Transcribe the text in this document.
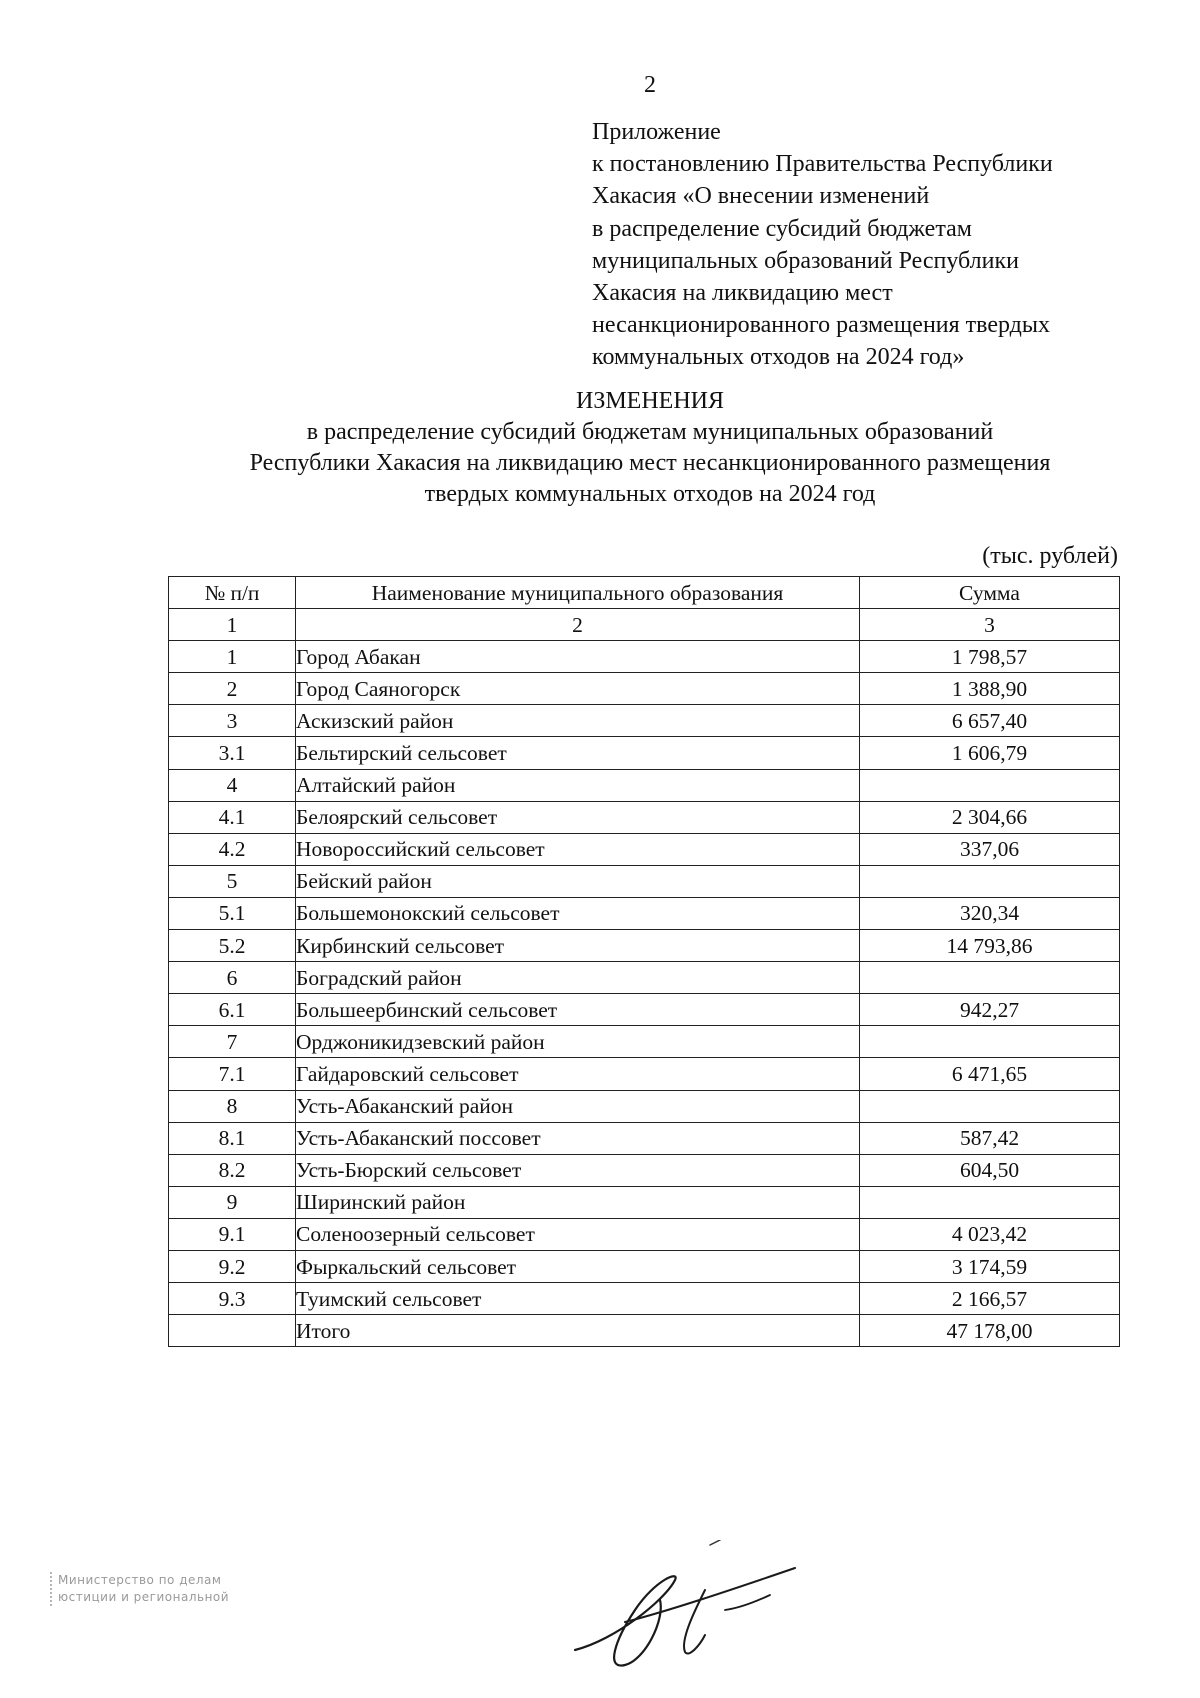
2
Приложение
к постановлению Правительства Республики
Хакасия «О внесении изменений
в распределение субсидий бюджетам
муниципальных образований Республики
Хакасия на ликвидацию мест
несанкционированного размещения твердых
коммунальных отходов на 2024 год»
ИЗМЕНЕНИЯ
в распределение субсидий бюджетам муниципальных образований
Республики Хакасия на ликвидацию мест несанкционированного размещения
твердых коммунальных отходов на 2024 год
(тыс. рублей)
№ п/п	Наименование муниципального образования	Сумма
1	2	3
1	Город Абакан	1 798,57
2	Город Саяногорск	1 388,90
3	Аскизский район	6 657,40
3.1	Бельтирский сельсовет	1 606,79
4	Алтайский район	
4.1	Белоярский сельсовет	2 304,66
4.2	Новороссийский сельсовет	337,06
5	Бейский район	
5.1	Большемонокский сельсовет	320,34
5.2	Кирбинский сельсовет	14 793,86
6	Боградский район	
6.1	Большеербинский сельсовет	942,27
7	Орджоникидзевский район	
7.1	Гайдаровский сельсовет	6 471,65
8	Усть-Абаканский район	
8.1	Усть-Абаканский поссовет	587,42
8.2	Усть-Бюрский сельсовет	604,50
9	Ширинский район	
9.1	Соленоозерный сельсовет	4 023,42
9.2	Фыркальский сельсовет	3 174,59
9.3	Туимский сельсовет	2 166,57
	Итого	47 178,00
Министерство по делам
юстиции и региональной
